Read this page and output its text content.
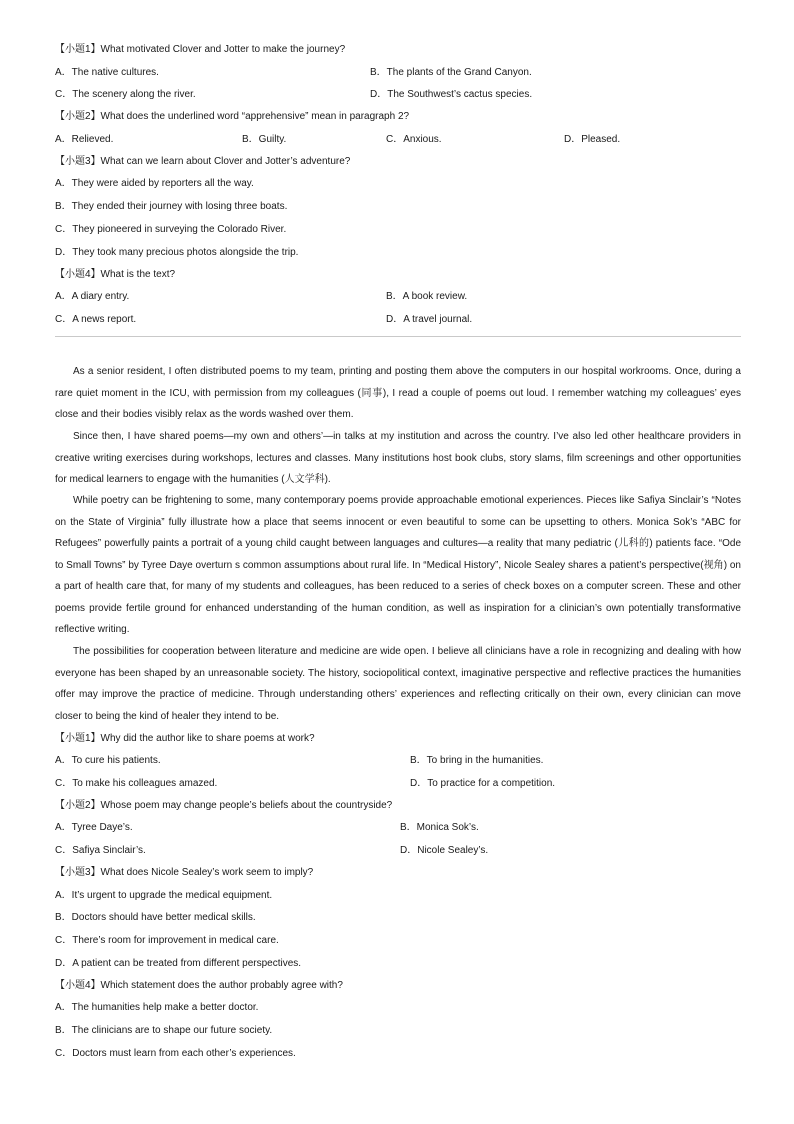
【小题1】What motivated Clover and Jotter to make the journey?
A．The native cultures.	B．The plants of the Grand Canyon.
C．The scenery along the river.	D．The Southwest’s cactus species.
【小题2】What does the underlined word “apprehensive” mean in paragraph 2?
A．Relieved.	B．Guilty.	C．Anxious.	D．Pleased.
【小题3】What can we learn about Clover and Jotter’s adventure?
A．They were aided by reporters all the way.
B．They ended their journey with losing three boats.
C．They pioneered in surveying the Colorado River.
D．They took many precious photos alongside the trip.
【小题4】What is the text?
A．A diary entry.	B．A book review.
C．A news report.	D．A travel journal.
As a senior resident, I often distributed poems to my team, printing and posting them above the computers in our hospital workrooms. Once, during a rare quiet moment in the ICU, with permission from my colleagues (同事), I read a couple of poems out loud. I remember watching my colleagues’ eyes close and their bodies visibly relax as the words washed over them.
Since then, I have shared poems—my own and others’—in talks at my institution and across the country. I’ve also led other healthcare providers in creative writing exercises during workshops, lectures and classes. Many institutions host book clubs, story slams, film screenings and other opportunities for medical learners to engage with the humanities (人文学科).
While poetry can be frightening to some, many contemporary poems provide approachable emotional experiences. Pieces like Safiya Sinclair’s “Notes on the State of Virginia” fully illustrate how a place that seems innocent or even beautiful to some can be upsetting to others. Monica Sok’s “ABC for Refugees” powerfully paints a portrait of a young child caught between languages and cultures—a reality that many pediatric (儿科的) patients face. “Ode to Small Towns” by Tyree Daye overturn s common assumptions about rural life. In “Medical History”, Nicole Sealey shares a patient’s perspective(视角) on a part of health care that, for many of my students and colleagues, has been reduced to a series of check boxes on a computer screen. These and other poems provide fertile ground for enhanced understanding of the human condition, as well as inspiration for a clinician’s own potentially transformative reflective writing.
The possibilities for cooperation between literature and medicine are wide open. I believe all clinicians have a role in recognizing and dealing with how everyone has been shaped by an unreasonable society. The history, sociopolitical context, imaginative perspective and reflective practices the humanities offer may improve the practice of medicine. Through understanding others’ experiences and reflecting critically on their own, every clinician can move closer to being the kind of healer they intend to be.
【小题1】Why did the author like to share poems at work?
A．To cure his patients.	B．To bring in the humanities.
C．To make his colleagues amazed.	D．To practice for a competition.
【小题2】Whose poem may change people’s beliefs about the countryside?
A．Tyree Daye’s.	B．Monica Sok’s.
C．Safiya Sinclair’s.	D．Nicole Sealey’s.
【小题3】What does Nicole Sealey’s work seem to imply?
A．It’s urgent to upgrade the medical equipment.
B．Doctors should have better medical skills.
C．There’s room for improvement in medical care.
D．A patient can be treated from different perspectives.
【小题4】Which statement does the author probably agree with?
A．The humanities help make a better doctor.
B．The clinicians are to shape our future society.
C．Doctors must learn from each other’s experiences.
